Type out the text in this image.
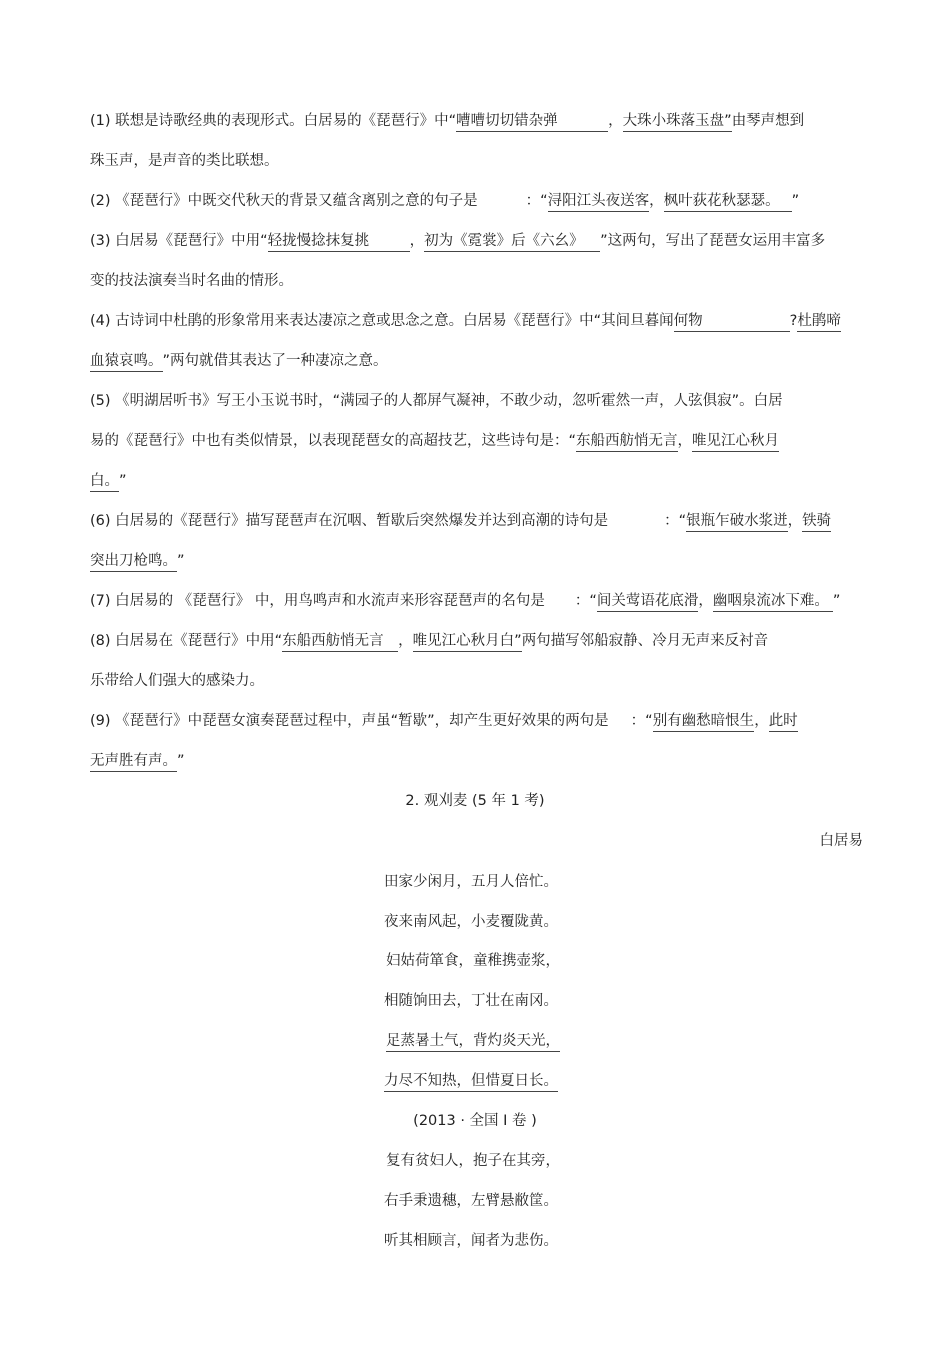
(1) 联想是诗歌经典的表现形式。白居易的《琵琶行》中“嘈嘈切切错杂弹	，大珠小珠落玉盘”由琴声想到
珠玉声，是声音的类比联想。
(2) 《琵琶行》中既交代秋天的背景又蕴含离别之意的句子是	：“浔阳江头夜送客，枫叶荻花秋瑟瑟。 ”
(3) 白居易《琵琶行》中用“轻拢慢捻抹复挑	，初为《霓裳》后《六幺》 ”这两句，写出了琵琶女运用丰富多
变的技法演奏当时名曲的情形。
(4) 古诗词中杜鹃的形象常用来表达凄凉之意或思念之意。白居易《琵琶行》中“其间旦暮闻何物	?杜鹃啼
血猿哀鸣。”两句就借其表达了一种凄凉之意。
(5) 《明湖居听书》写王小玉说书时，“满园子的人都屏气凝神，不敢少动，忽听霍然一声，人弦俱寂”。白居
易的《琵琶行》中也有类似情景，以表现琵琶女的高超技艺，这些诗句是：“东船西舫悄无言，唯见江心秋月
白。”
(6) 白居易的《琵琶行》描写琵琶声在沉咽、暂歇后突然爆发并达到高潮的诗句是	：“银瓶乍破水浆迸，铁骑
突出刀枪鸣。”
(7) 白居易的 《琵琶行》 中，用鸟鸣声和水流声来形容琵琶声的名句是 ：“间关莺语花底滑，幽咽泉流冰下难。 ”
(8) 白居易在《琵琶行》中用“东船西舫悄无言 ，唯见江心秋月白”两句描写邻船寂静、冷月无声来反衬音
乐带给人们强大的感染力。
(9) 《琵琶行》中琵琶女演奏琵琶过程中，声虽“暂歇”，却产生更好效果的两句是 ：“别有幽愁暗恨生，此时
无声胜有声。”
2. 观刈麦 (5 年 1 考)
白居易
田家少闲月，五月人倍忙。
夜来南风起，小麦覆陇黄。
妇姑荷箪食，童稚携壶浆，
相随饷田去，丁壮在南冈。
足蒸暑土气，背灼炎天光，
力尽不知热，但惜夏日长。
(2013 · 全国 I 卷 )
复有贫妇人，抱子在其旁，
右手秉遗穗，左臂悬敝筐。
听其相顾言，闻者为悲伤。
